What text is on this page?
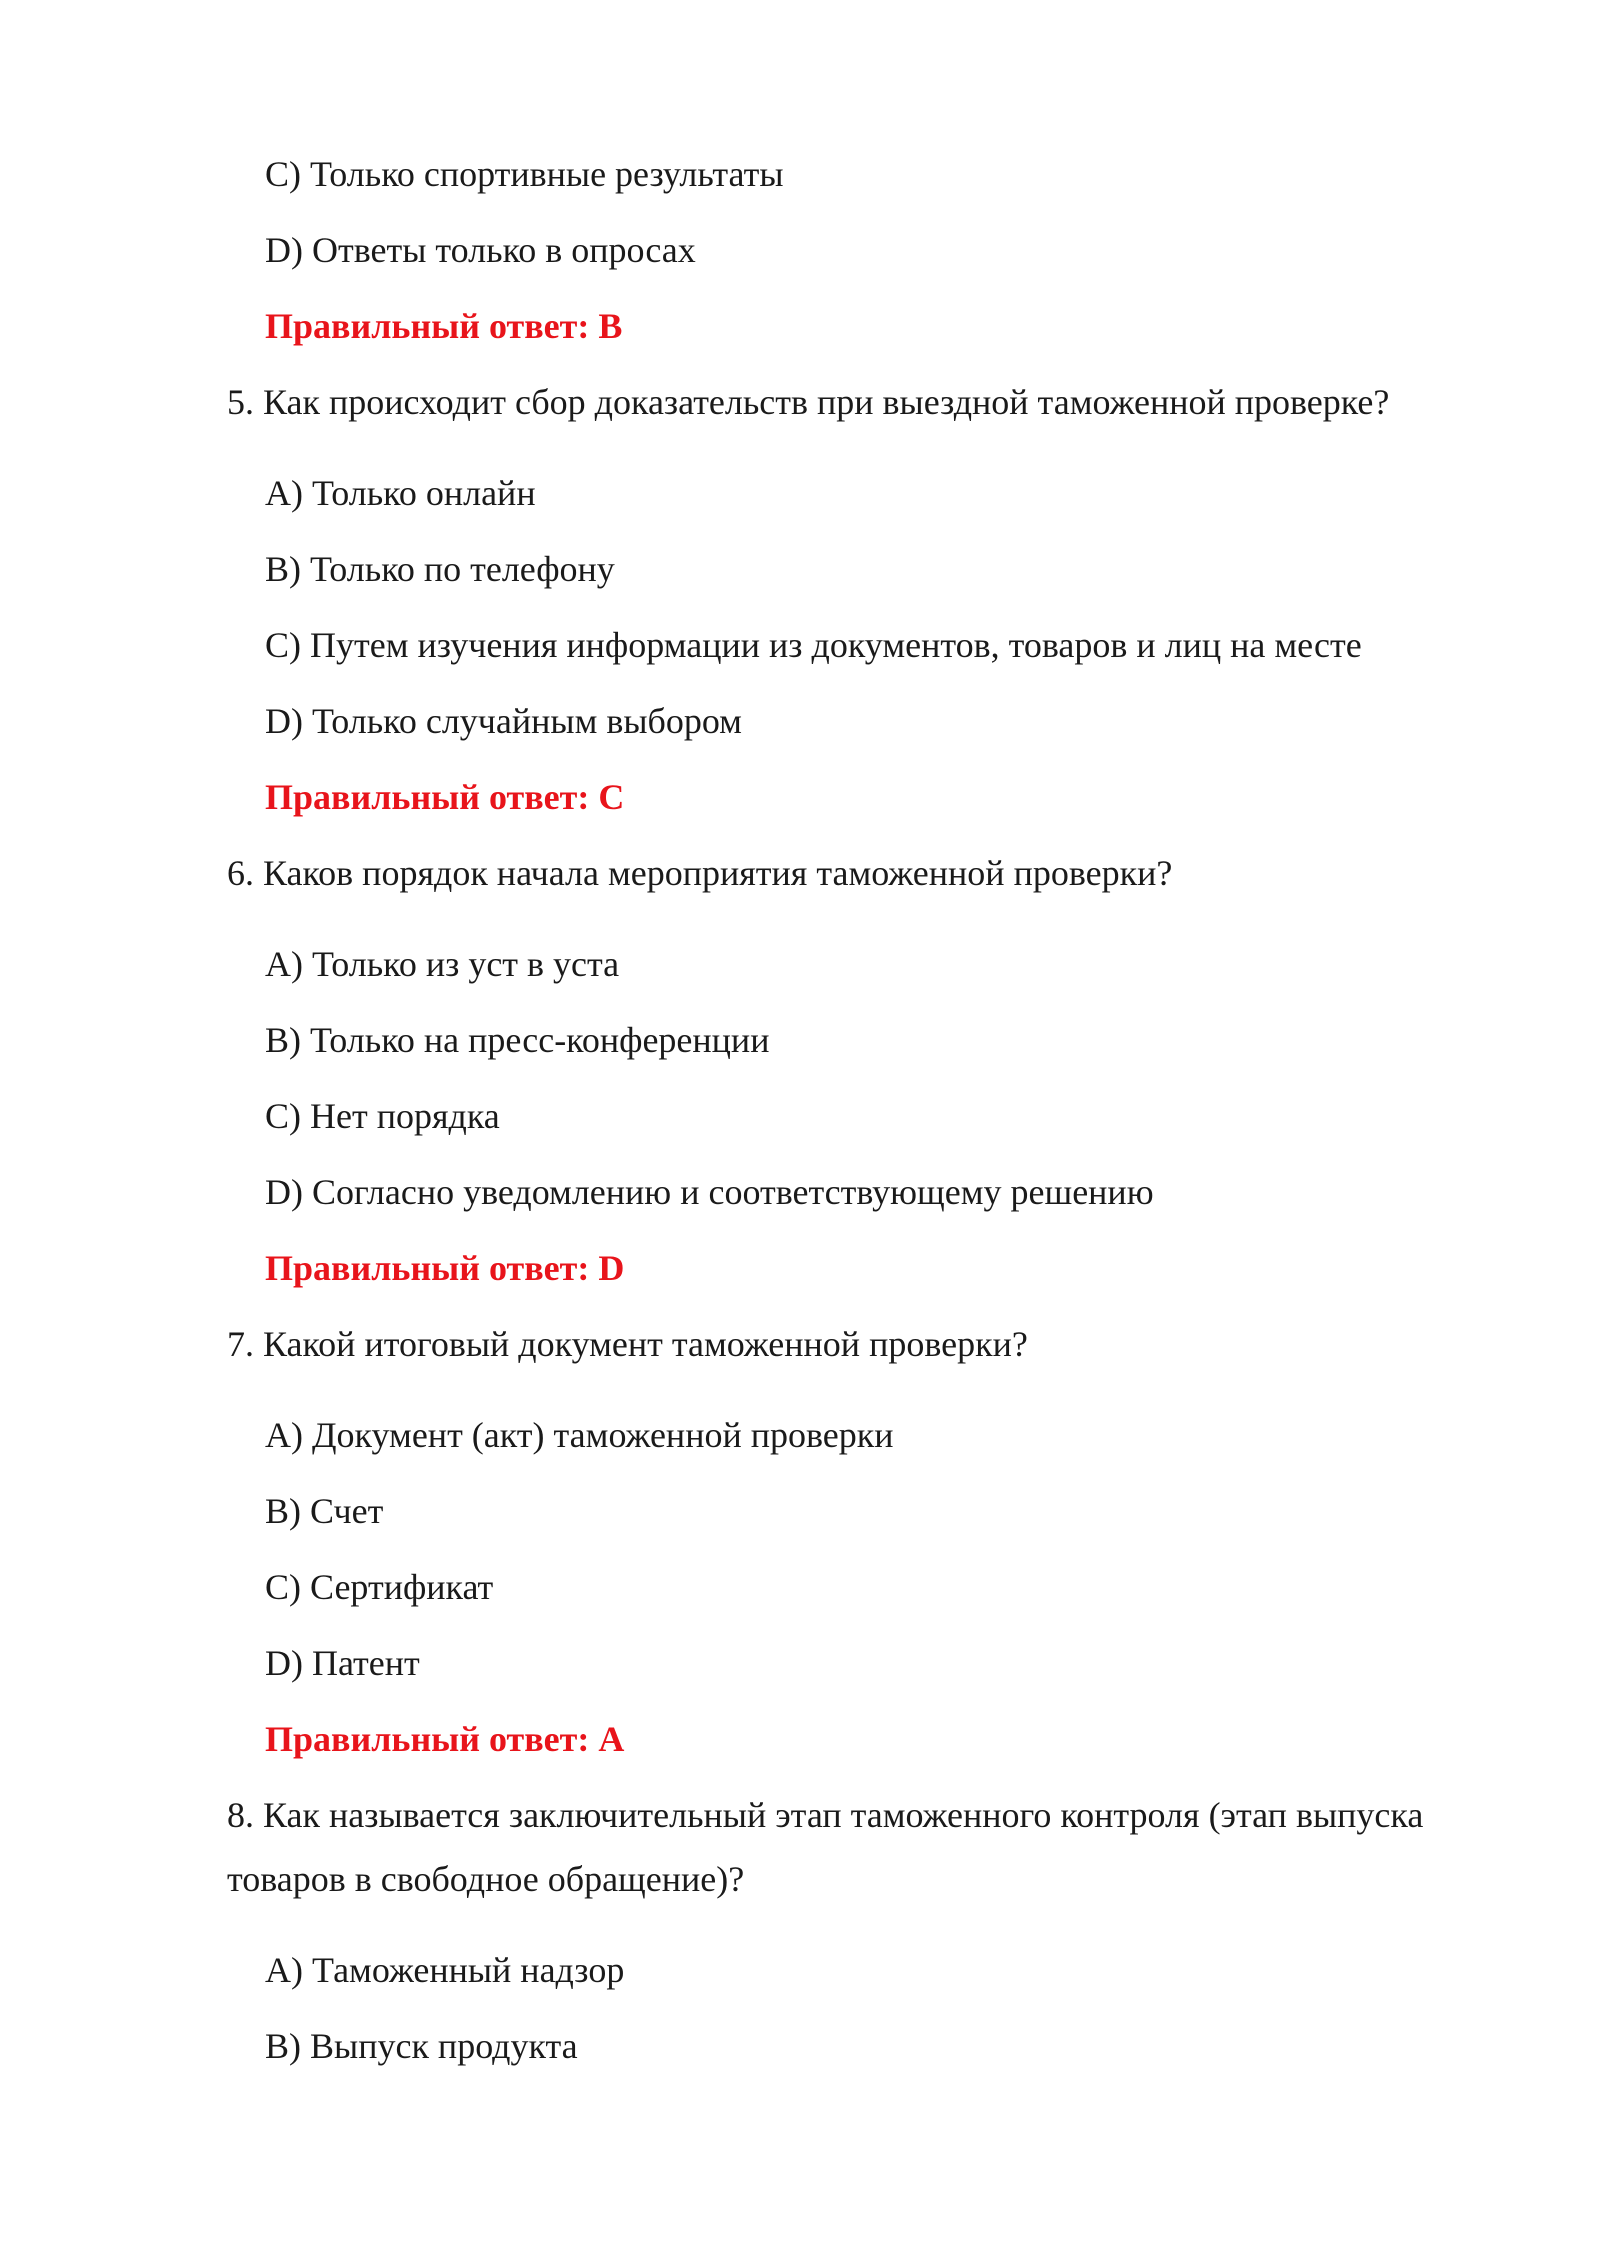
C) Только спортивные результаты
D) Ответы только в опросах
Правильный ответ: B
5. Как происходит сбор доказательств при выездной таможенной проверке?
A) Только онлайн
B) Только по телефону
C) Путем изучения информации из документов, товаров и лиц на месте
D) Только случайным выбором
Правильный ответ: C
6. Каков порядок начала мероприятия таможенной проверки?
A) Только из уст в уста
B) Только на пресс-конференции
C) Нет порядка
D) Согласно уведомлению и соответствующему решению
Правильный ответ: D
7. Какой итоговый документ таможенной проверки?
A) Документ (акт) таможенной проверки
B) Счет
C) Сертификат
D) Патент
Правильный ответ: A
8. Как называется заключительный этап таможенного контроля (этап выпуска
товаров в свободное обращение)?
A) Таможенный надзор
B) Выпуск продукта
